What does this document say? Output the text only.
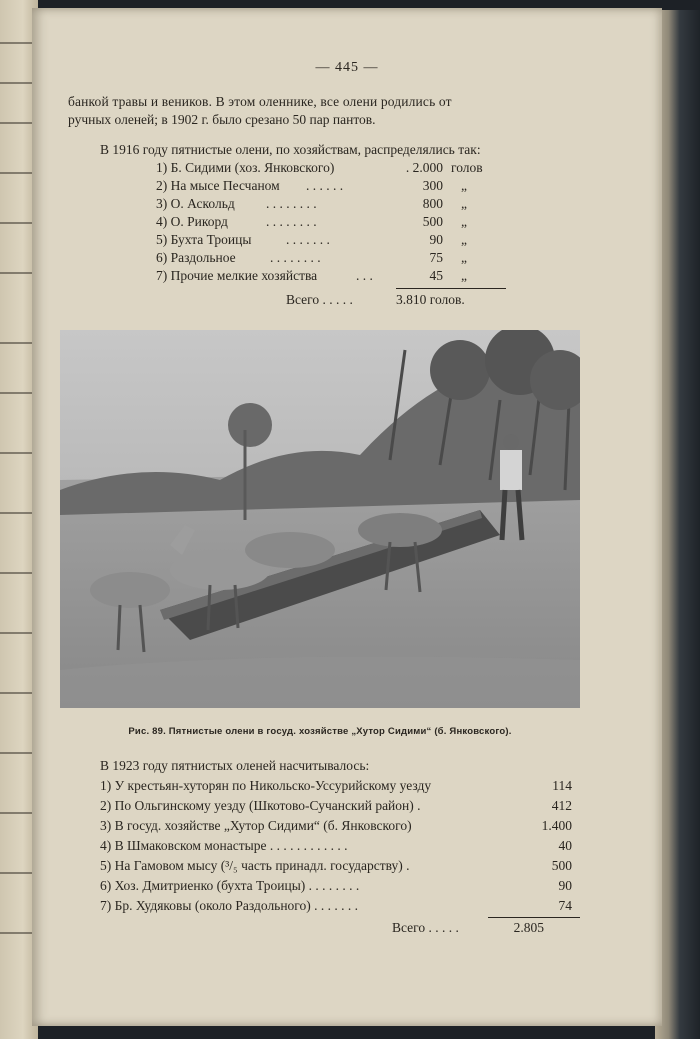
— 445 —
банкой травы и веников. В этом оленнике, все олени родились от
ручных оленей; в 1902 г. было срезано 50 пар пантов.
В 1916 году пятнистые олени, по хозяйствам, распределялись так:
1) Б. Сидими (хоз. Янковского)	. 2.000 голов
2) На мысе Песчаном . . . . . .	300 „
3) О. Аскольд . . . . . . . .	800 „
4) О. Рикорд	. . . . . . . .	500 „
5) Бухта Троицы	. . . . . . .	90 „
6) Раздольное	. . . . . . . .	75 „
7) Прочие мелкие хозяйства	. . .	45 „
Всего . . . . .	3.810 голов.
Рис. 89. Пятнистые олени в госуд. хозяйстве „Хутор Сидими“ (б. Янковского).
В 1923 году пятнистых оленей насчитывалось:
1) У крестьян-хуторян по Никольско-Уссурийскому уезду	114
2) По Ольгинскому уезду (Шкотово-Сучанский район) .	412
3) В госуд. хозяйстве „Хутор Сидими“ (б. Янковского)	1.400
4) В Шмаковском монастыре . . . . . . . . . . . .	40
5) На Гамовом мысу (³/₅ часть принадл. государству) .	500
6) Хоз. Дмитриенко (бухта Троицы) . . . . . . . .	90
7) Бр. Худяковы (около Раздольного) . . . . . . .	74
Всего . . . . .	2.805
